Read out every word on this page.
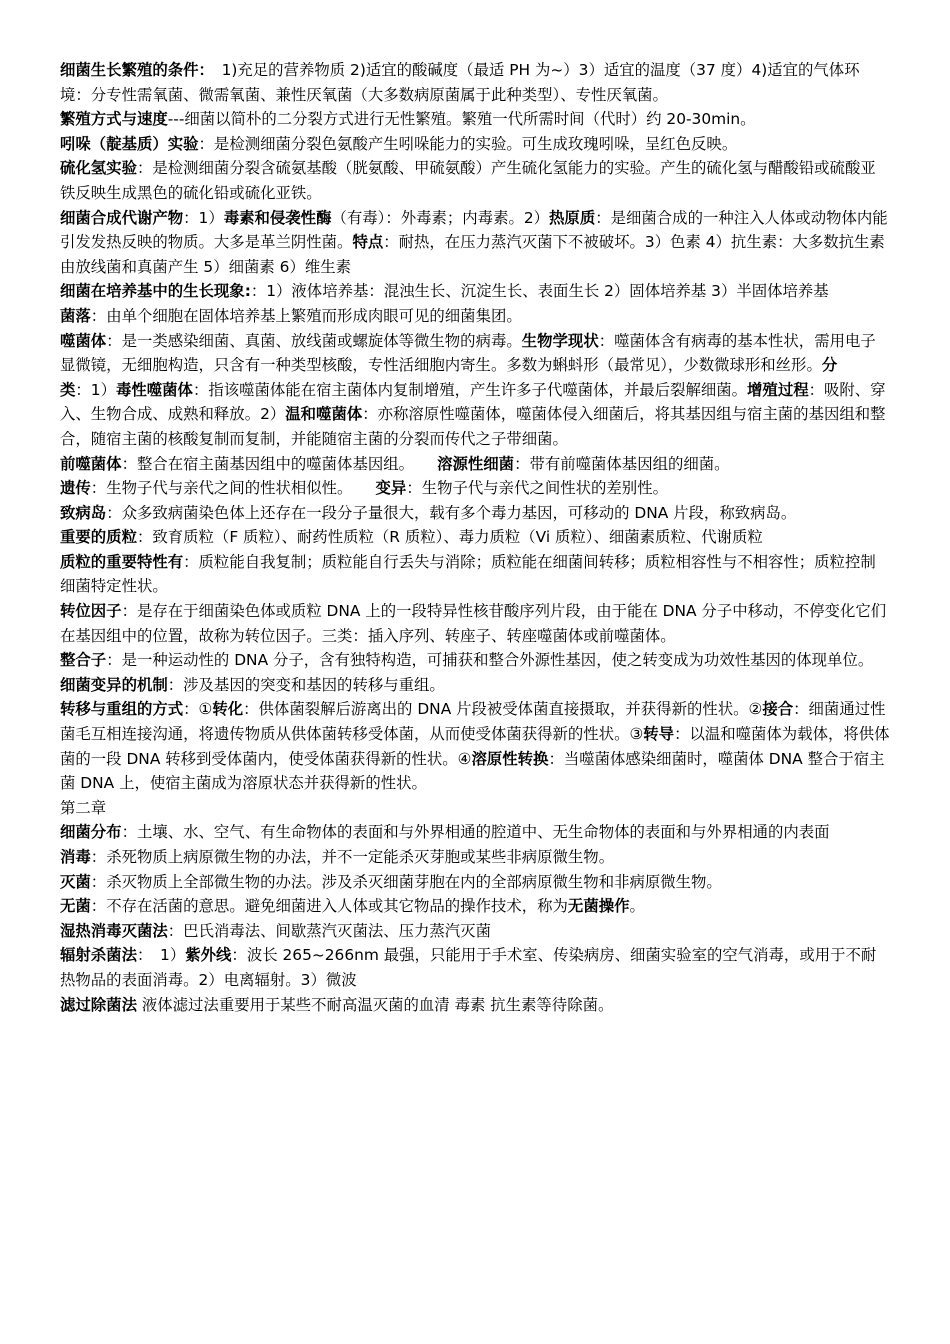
细菌生长繁殖的条件：　1)充足的营养物质 2)适宜的酸碱度（最适 PH 为~）3）适宜的温度（37 度）4)适宜的气体环境：分专性需氧菌、微需氧菌、兼性厌氧菌（大多数病原菌属于此种类型）、专性厌氧菌。

繁殖方式与速度---细菌以简朴的二分裂方式进行无性繁殖。繁殖一代所需时间（代时）约 20-30min。

吲哚（靛基质）实验：是检测细菌分裂色氨酸产生吲哚能力的实验。可生成玫瑰吲哚，呈红色反映。

硫化氢实验：是检测细菌分裂含硫氨基酸（胱氨酸、甲硫氨酸）产生硫化氢能力的实验。产生的硫化氢与醋酸铅或硫酸亚铁反映生成黑色的硫化铅或硫化亚铁。

细菌合成代谢产物：1）毒素和侵袭性酶（有毒）：外毒素；内毒素。2）热原质：是细菌合成的一种注入人体或动物体内能引发发热反映的物质。大多是革兰阴性菌。特点：耐热，在压力蒸汽灭菌下不被破坏。3）色素 4）抗生素：大多数抗生素由放线菌和真菌产生 5）细菌素 6）维生素

细菌在培养基中的生长现象:：1）液体培养基：混浊生长、沉淀生长、表面生长 2）固体培养基 3）半固体培养基

菌落：由单个细胞在固体培养基上繁殖而形成肉眼可见的细菌集团。

噬菌体：是一类感染细菌、真菌、放线菌或螺旋体等微生物的病毒。生物学现状：噬菌体含有病毒的基本性状，需用电子显微镜，无细胞构造，只含有一种类型核酸，专性活细胞内寄生。多数为蝌蚪形（最常见），少数微球形和丝形。分类：1）毒性噬菌体：指该噬菌体能在宿主菌体内复制增殖，产生许多子代噬菌体，并最后裂解细菌。增殖过程：吸附、穿入、生物合成、成熟和释放。2）温和噬菌体：亦称溶原性噬菌体，噬菌体侵入细菌后，将其基因组与宿主菌的基因组和整合，随宿主菌的核酸复制而复制，并能随宿主菌的分裂而传代之子带细菌。

前噬菌体：整合在宿主菌基因组中的噬菌体基因组。　　溶源性细菌：带有前噬菌体基因组的细菌。

遗传：生物子代与亲代之间的性状相似性。　　变异：生物子代与亲代之间性状的差别性。

致病岛：众多致病菌染色体上还存在一段分子量很大，载有多个毒力基因，可移动的 DNA 片段，称致病岛。

重要的质粒：致育质粒（F 质粒）、耐药性质粒（R 质粒）、毒力质粒（Vi 质粒）、细菌素质粒、代谢质粒

质粒的重要特性有：质粒能自我复制；质粒能自行丢失与消除；质粒能在细菌间转移；质粒相容性与不相容性；质粒控制细菌特定性状。

转位因子：是存在于细菌染色体或质粒 DNA 上的一段特异性核苷酸序列片段，由于能在 DNA 分子中移动，不停变化它们在基因组中的位置，故称为转位因子。三类：插入序列、转座子、转座噬菌体或前噬菌体。

整合子：是一种运动性的 DNA 分子，含有独特构造，可捕获和整合外源性基因，使之转变成为功效性基因的体现单位。

细菌变异的机制：涉及基因的突变和基因的转移与重组。

转移与重组的方式：①转化：供体菌裂解后游离出的 DNA 片段被受体菌直接摄取，并获得新的性状。②接合：细菌通过性菌毛互相连接沟通，将遗传物质从供体菌转移受体菌，从而使受体菌获得新的性状。③转导：以温和噬菌体为载体，将供体菌的一段 DNA 转移到受体菌内，使受体菌获得新的性状。④溶原性转换：当噬菌体感染细菌时，噬菌体 DNA 整合于宿主菌 DNA 上，使宿主菌成为溶原状态并获得新的性状。

第二章

细菌分布：土壤、水、空气、有生命物体的表面和与外界相通的腔道中、无生命物体的表面和与外界相通的内表面

消毒：杀死物质上病原微生物的办法，并不一定能杀灭芽胞或某些非病原微生物。

灭菌：杀灭物质上全部微生物的办法。涉及杀灭细菌芽胞在内的全部病原微生物和非病原微生物。

无菌：不存在活菌的意思。避免细菌进入人体或其它物品的操作技术，称为无菌操作。

湿热消毒灭菌法：巴氏消毒法、间歇蒸汽灭菌法、压力蒸汽灭菌

辐射杀菌法：　1）紫外线：波长 265~266nm 最强，只能用于手术室、传染病房、细菌实验室的空气消毒，或用于不耐热物品的表面消毒。2）电离辐射。3）微波

滤过除菌法 液体滤过法重要用于某些不耐高温灭菌的血清 毒素 抗生素等待除菌。
